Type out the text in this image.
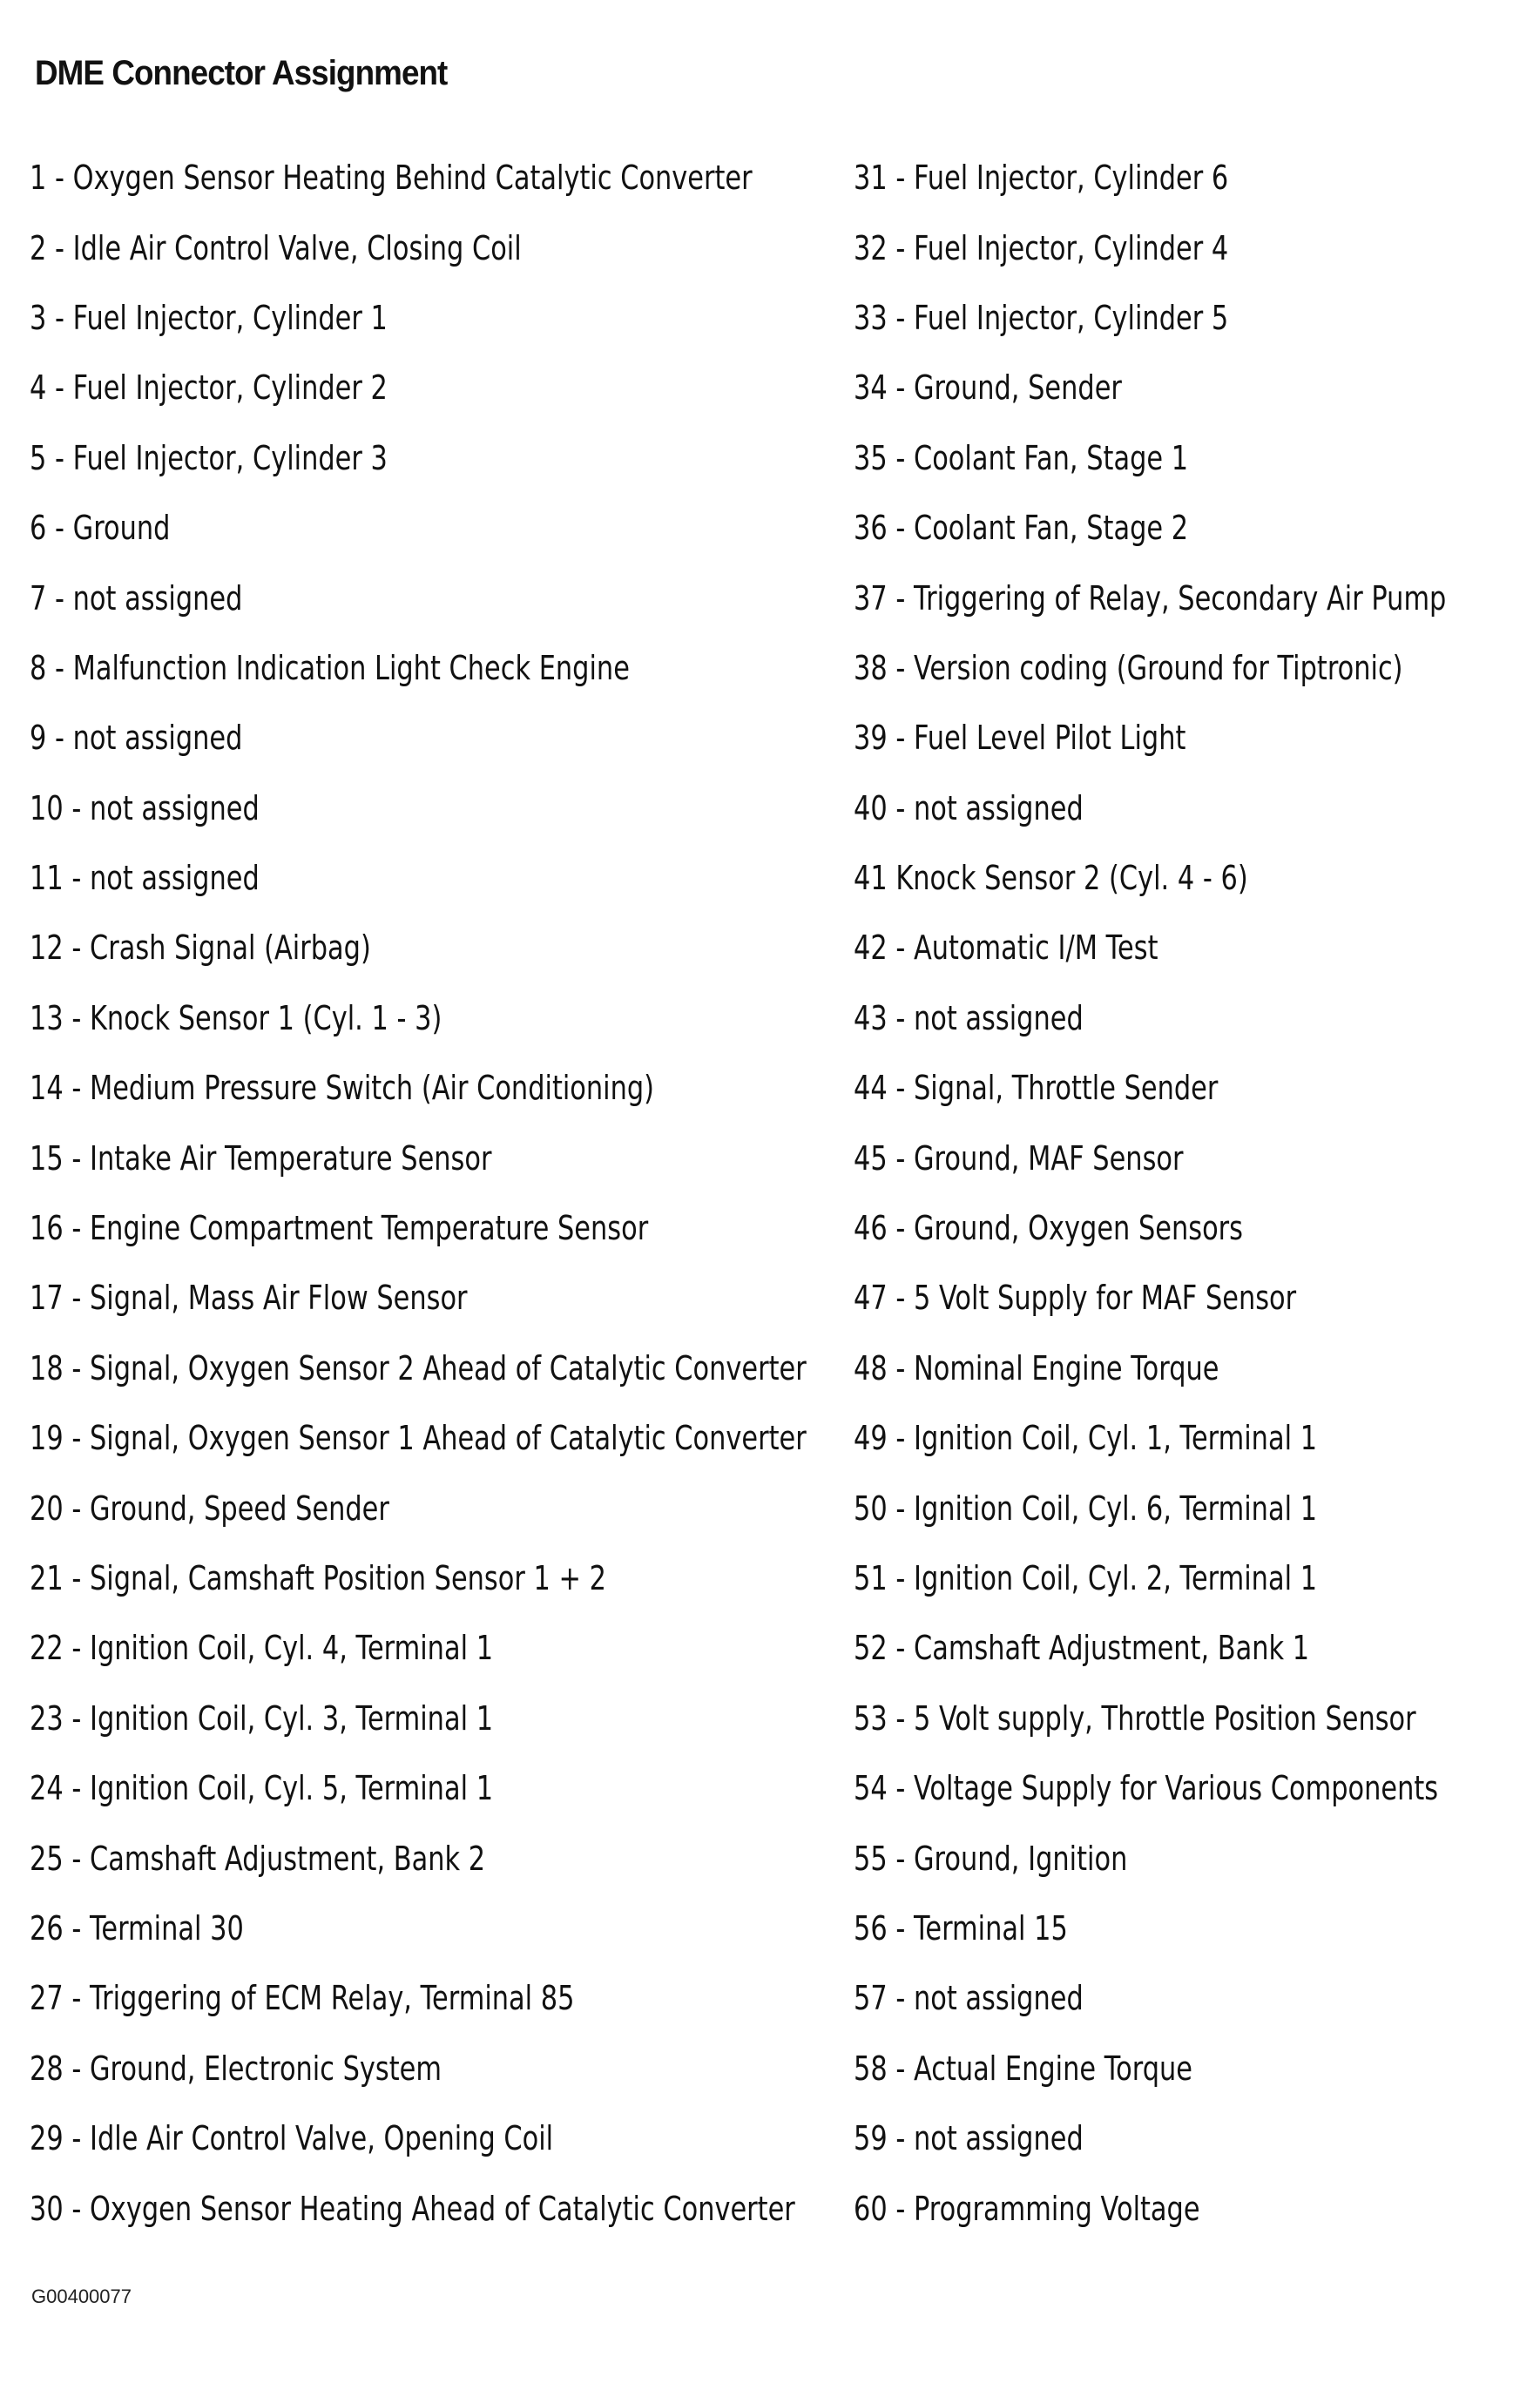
DME Connector Assignment
1 - Oxygen Sensor Heating Behind Catalytic Converter
2 - Idle Air Control Valve, Closing Coil
3 - Fuel Injector, Cylinder 1
4 - Fuel Injector, Cylinder 2
5 - Fuel Injector, Cylinder 3
6 - Ground
7 - not assigned
8 - Malfunction Indication Light Check Engine
9 - not assigned
10 - not assigned
11 - not assigned
12 - Crash Signal (Airbag)
13 - Knock Sensor 1 (Cyl. 1 - 3)
14 - Medium Pressure Switch (Air Conditioning)
15 - Intake Air Temperature Sensor
16 - Engine Compartment Temperature Sensor
17 - Signal, Mass Air Flow Sensor
18 - Signal, Oxygen Sensor 2 Ahead of Catalytic Converter
19 - Signal, Oxygen Sensor 1 Ahead of Catalytic Converter
20 - Ground, Speed Sender
21 - Signal, Camshaft Position Sensor 1 + 2
22 - Ignition Coil, Cyl. 4, Terminal 1
23 - Ignition Coil, Cyl. 3, Terminal 1
24 - Ignition Coil, Cyl. 5, Terminal 1
25 - Camshaft Adjustment, Bank 2
26 - Terminal 30
27 - Triggering of ECM Relay, Terminal 85
28 - Ground, Electronic System
29 - Idle Air Control Valve, Opening Coil
30 - Oxygen Sensor Heating Ahead of Catalytic Converter
31 - Fuel Injector, Cylinder 6
32 - Fuel Injector, Cylinder 4
33 - Fuel Injector, Cylinder 5
34 - Ground, Sender
35 - Coolant Fan, Stage 1
36 - Coolant Fan, Stage 2
37 - Triggering of Relay, Secondary Air Pump
38 - Version coding (Ground for Tiptronic)
39 - Fuel Level Pilot Light
40 - not assigned
41 Knock Sensor 2 (Cyl. 4 - 6)
42 - Automatic I/M Test
43 - not assigned
44 - Signal, Throttle Sender
45 - Ground, MAF Sensor
46 - Ground, Oxygen Sensors
47 - 5 Volt Supply for MAF Sensor
48 - Nominal Engine Torque
49 - Ignition Coil, Cyl. 1, Terminal 1
50 - Ignition Coil, Cyl. 6, Terminal 1
51 - Ignition Coil, Cyl. 2, Terminal 1
52 - Camshaft Adjustment, Bank 1
53 - 5 Volt supply, Throttle Position Sensor
54 - Voltage Supply for Various Components
55 - Ground, Ignition
56 - Terminal 15
57 - not assigned
58 - Actual Engine Torque
59 - not assigned
60 - Programming Voltage
G00400077
